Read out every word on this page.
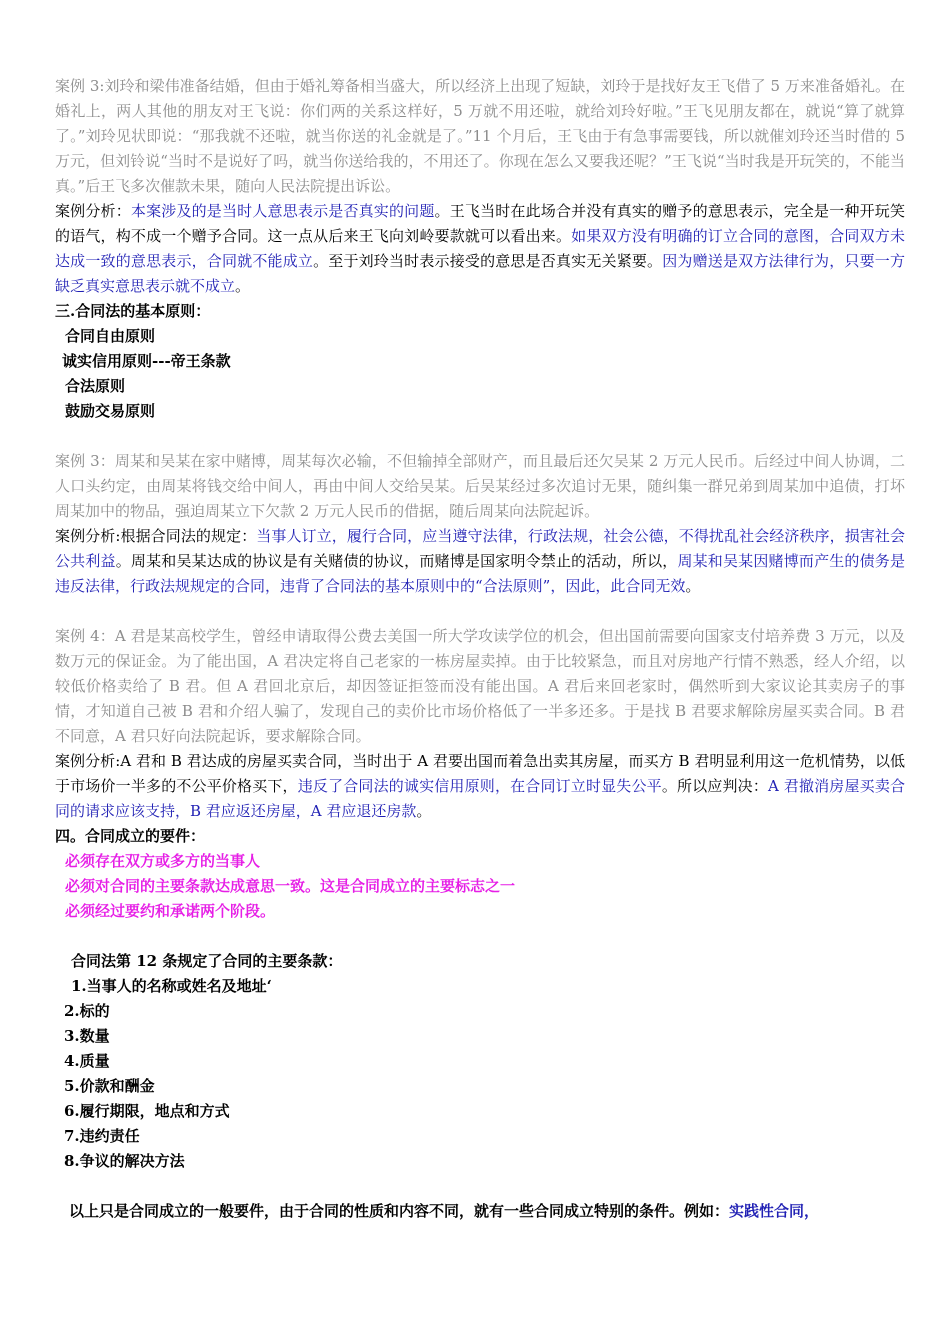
案例 3:刘玲和梁伟准备结婚，但由于婚礼筹备相当盛大，所以经济上出现了短缺，刘玲于是找好友王飞借了 5 万来准备婚礼。在婚礼上，两人其他的朋友对王飞说：你们两的关系这样好，5 万就不用还啦，就给刘玲好啦。”王飞见朋友都在，就说“算了就算了。”刘玲见状即说：“那我就不还啦，就当你送的礼金就是了。”11 个月后，王飞由于有急事需要钱，所以就催刘玲还当时借的 5 万元，但刘铃说“当时不是说好了吗，就当你送给我的，不用还了。你现在怎么又要我还呢？”王飞说“当时我是开玩笑的，不能当真。”后王飞多次催款未果，随向人民法院提出诉讼。

案例分析：本案涉及的是当时人意思表示是否真实的问题。王飞当时在此场合并没有真实的赠予的意思表示，完全是一种开玩笑的语气，构不成一个赠予合同。这一点从后来王飞向刘岭要款就可以看出来。如果双方没有明确的订立合同的意图，合同双方未达成一致的意思表示，合同就不能成立。至于刘玲当时表示接受的意思是否真实无关紧要。因为赠送是双方法律行为，只要一方缺乏真实意思表示就不成立。

三.合同法的基本原则：

合同自由原则

诚实信用原则---帝王条款

合法原则

鼓励交易原则

案例 3：周某和吴某在家中赌博，周某每次必输，不但输掉全部财产，而且最后还欠吴某 2 万元人民币。后经过中间人协调，二人口头约定，由周某将钱交给中间人，再由中间人交给吴某。后吴某经过多次追讨无果，随纠集一群兄弟到周某加中追债，打坏周某加中的物品，强迫周某立下欠款 2 万元人民币的借据，随后周某向法院起诉。

案例分析:根据合同法的规定：当事人订立，履行合同，应当遵守法律，行政法规，社会公德，不得扰乱社会经济秩序，损害社会公共利益。周某和吴某达成的协议是有关赌债的协议，而赌博是国家明令禁止的活动，所以，周某和吴某因赌博而产生的债务是违反法律，行政法规规定的合同，违背了合同法的基本原则中的“合法原则”，因此，此合同无效。

案例 4：A 君是某高校学生，曾经申请取得公费去美国一所大学攻读学位的机会，但出国前需要向国家支付培养费 3 万元，以及数万元的保证金。为了能出国，A 君决定将自己老家的一栋房屋卖掉。由于比较紧急，而且对房地产行情不熟悉，经人介绍，以较低价格卖给了 B 君。但 A 君回北京后，却因签证拒签而没有能出国。A 君后来回老家时，偶然听到大家议论其卖房子的事情，才知道自己被 B 君和介绍人骗了，发现自己的卖价比市场价格低了一半多还多。于是找 B 君要求解除房屋买卖合同。B 君不同意，A 君只好向法院起诉，要求解除合同。

案例分析:A 君和 B 君达成的房屋买卖合同，当时出于 A 君要出国而着急出卖其房屋，而买方 B 君明显利用这一危机情势，以低于市场价一半多的不公平价格买下，违反了合同法的诚实信用原则，在合同订立时显失公平。所以应判决：A 君撤消房屋买卖合同的请求应该支持，B 君应返还房屋，A 君应退还房款。

四。合同成立的要件：

必须存在双方或多方的当事人

必须对合同的主要条款达成意思一致。这是合同成立的主要标志之一

必须经过要约和承诺两个阶段。

合同法第 12 条规定了合同的主要条款：

1.当事人的名称或姓名及地址‘

2.标的

3.数量

4.质量

5.价款和酬金

6.履行期限，地点和方式

7.违约责任

8.争议的解决方法

以上只是合同成立的一般要件，由于合同的性质和内容不同，就有一些合同成立特别的条件。例如：实践性合同，
